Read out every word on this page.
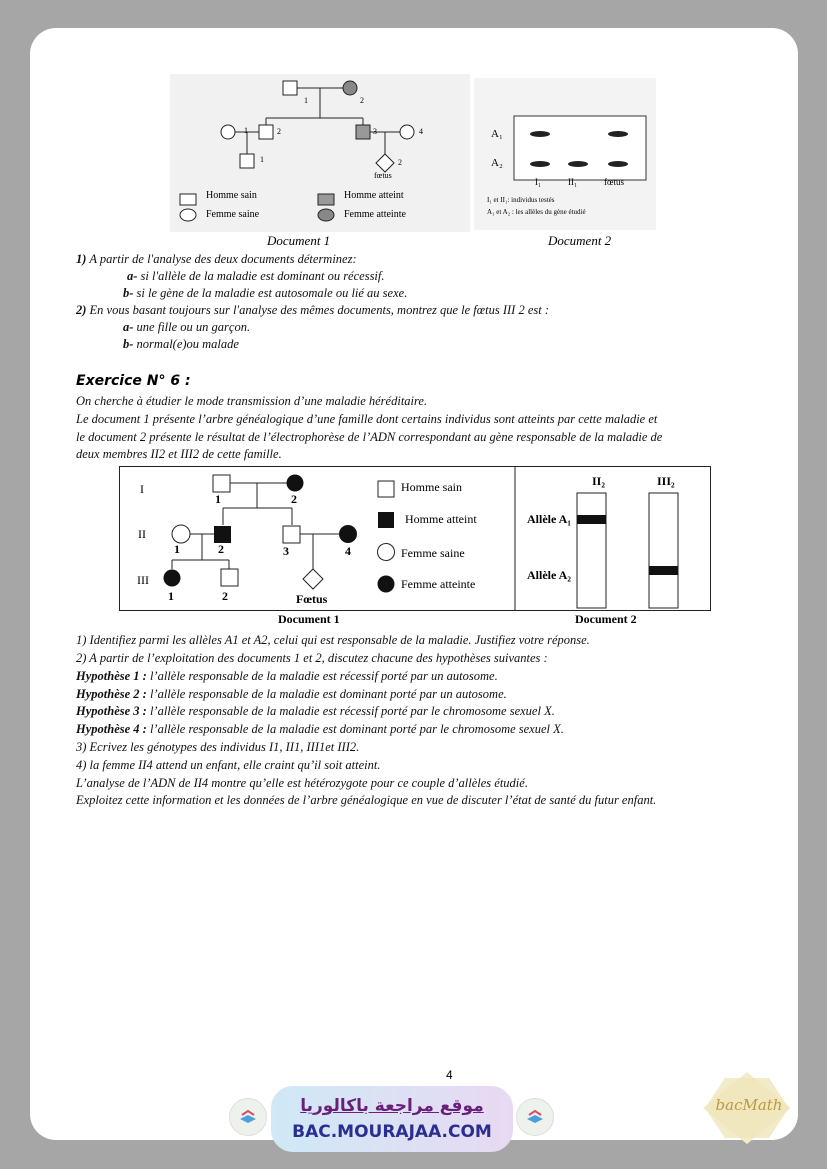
1	2
1	2	3	4
1	2
fœtus
Homme sain
Femme saine
Homme atteint
Femme atteinte
A₁
A₂
I₁	II₁	fœtus
I₁ et II₁: individus testés
A₁ et A₂ : les allèles du gène étudié
Document 1	Document 2
1) A partir de l'analyse des deux documents déterminez:
a- si l'allèle de la maladie est dominant ou récessif.
b- si le gène de la maladie est autosomale ou lié au sexe.
2) En vous basant toujours sur l'analyse des mêmes documents, montrez que le fœtus III 2 est :
a- une fille ou un garçon.
b- normal(e)ou malade
Exercice N° 6 :
On cherche à étudier le mode transmission d’une maladie héréditaire.
Le document 1 présente l’arbre généalogique d’une famille dont certains individus sont atteints par cette maladie et
le document 2 présente le résultat de l’électrophorèse de l’ADN correspondant au gène responsable de la maladie de
deux membres II2 et III2 de cette famille.
I
II
III
1	2
1	2	3	4
1	2	Fœtus
Homme sain
Homme atteint
Femme saine
Femme atteinte
II₂	III₂
Allèle A₁
Allèle A₂
Document 1	Document 2
1) Identifiez parmi les allèles A1 et A2, celui qui est responsable de la maladie. Justifiez votre réponse.
2) A partir de l’exploitation des documents 1 et 2, discutez chacune des hypothèses suivantes :
Hypothèse 1 : l’allèle responsable de la maladie est récessif porté par un autosome.
Hypothèse 2 : l’allèle responsable de la maladie est dominant porté par un autosome.
Hypothèse 3 : l’allèle responsable de la maladie est récessif porté par le chromosome sexuel X.
Hypothèse 4 : l’allèle responsable de la maladie est dominant porté par le chromosome sexuel X.
3) Ecrivez les génotypes des individus I1, II1, III1et III2.
4) la femme II4 attend un enfant, elle craint qu’il soit atteint.
L’analyse de l’ADN de II4 montre qu’elle est hétérozygote pour ce couple d’allèles étudié.
Exploitez cette information et les données de l’arbre généalogique en vue de discuter l’état de santé du futur enfant.
4
موقع مراجعة باكالوريا
BAC.MOURAJAA.COM
bacMath
